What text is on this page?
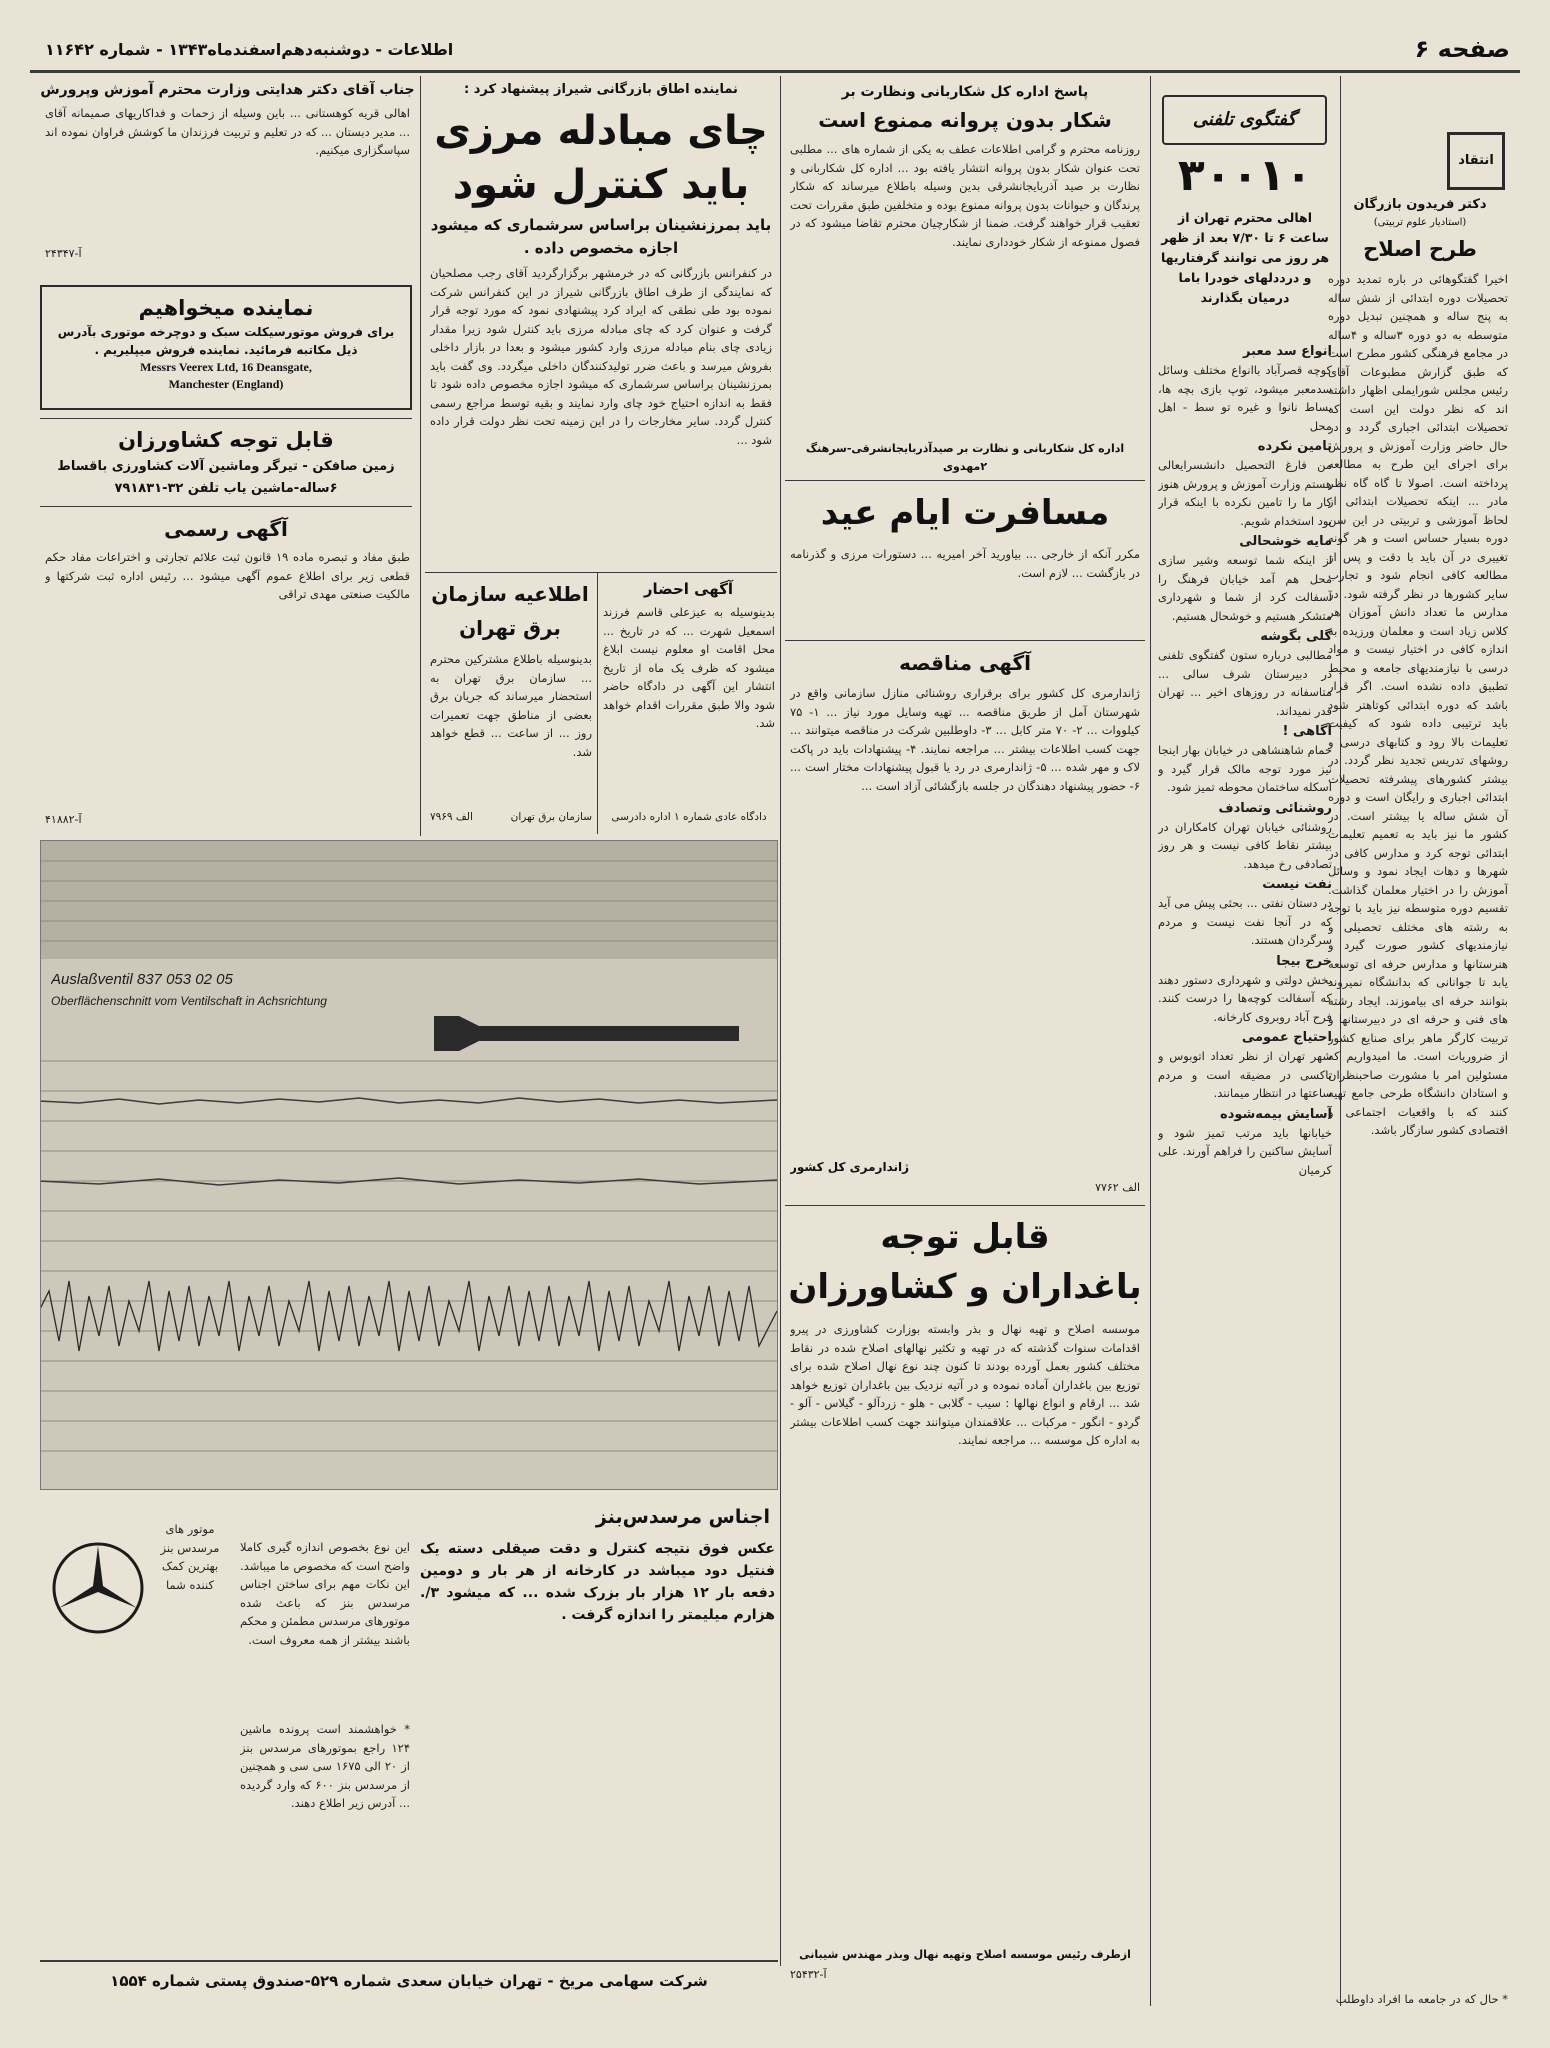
صفحه ۶
اطلاعات - دوشنبه‌دهم‌اسفندماه۱۳۴۳ - شماره ۱۱۶۴۲
انتقاد
دکتر فریدون بازرگان
(استادیار علوم تربیتی)
طرح اصلاح
اخیرا گفتگوهائی در باره تمدید دوره تحصیلات دوره ابتدائی از شش ساله به پنج ساله و همچنین تبدیل دوره متوسطه به دو دوره ۳ساله و ۴ساله در مجامع فرهنگی کشور مطرح است که طبق گزارش مطبوعات آقای رئیس مجلس شورایملی اظهار داشته اند که نظر دولت این است که تحصیلات ابتدائی اجباری گردد و در حال حاضر وزارت آموزش و پرورش برای اجرای این طرح به مطالعه پرداخته است. اصولا تا گاه گاه نظر مادر ... اینکه تحصیلات ابتدائی از لحاظ آموزشی و تربیتی در این سن دوره بسیار حساس است و هر گونه تغییری در آن باید با دقت و پس از مطالعه کافی انجام شود و تجارب سایر کشورها در نظر گرفته شود. در مدارس ما تعداد دانش آموزان هر کلاس زیاد است و معلمان ورزیده به اندازه کافی در اختیار نیست و مواد درسی با نیازمندیهای جامعه و محیط تطبیق داده نشده است. اگر قرار باشد که دوره ابتدائی کوتاهتر شود باید ترتیبی داده شود که کیفیت تعلیمات بالا رود و کتابهای درسی و روشهای تدریس تجدید نظر گردد. در بیشتر کشورهای پیشرفته تحصیلات ابتدائی اجباری و رایگان است و دوره آن شش ساله یا بیشتر است. در کشور ما نیز باید به تعمیم تعلیمات ابتدائی توجه کرد و مدارس کافی در شهرها و دهات ایجاد نمود و وسائل آموزش را در اختیار معلمان گذاشت. تقسیم دوره متوسطه نیز باید با توجه به رشته های مختلف تحصیلی و نیازمندیهای کشور صورت گیرد و هنرستانها و مدارس حرفه ای توسعه یابد تا جوانانی که بدانشگاه نمیروند بتوانند حرفه ای بیاموزند. ایجاد رشته های فنی و حرفه ای در دبیرستانها و تربیت کارگر ماهر برای صنایع کشور از ضروریات است. ما امیدواریم که مسئولین امر با مشورت صاحبنظران و استادان دانشگاه طرحی جامع تهیه کنند که با واقعیات اجتماعی و اقتصادی کشور سازگار باشد.
* حال که در جامعه ما افراد داوطلب
گفتگوی تلفنی
۳۰۰۱۰
اهالی محترم تهران از ساعت ۶ تا ۷/۳۰ بعد از ظهر هر روز می توانند گرفتاریها و درددلهای خودرا باما درمیان بگذارند
انواع سد معبر
کوچه قصرآباد باانواع مختلف وسائل سدمعبر میشود، توپ بازی بچه ها، بساط نانوا و غیره تو سط - اهل محل
تامین نکرده
من فارغ التحصیل دانشسرایعالی هستم وزارت آموزش و پرورش هنوز کار ما را تامین نکرده با اینکه قرار بود استخدام شویم.
مایه خوشحالی
از اینکه شما توسعه وشیر سازی محل هم آمد خیابان فرهنگ را آسفالت کرد از شما و شهرداری متشکر هستیم و خوشحال هستیم.
گلی بگوشه
مطالبی درباره ستون گفتگوی تلفنی در دبیرستان شرف سالی ... متاسفانه در روزهای اخیر ... تهران قدر نمیداند.
آگاهی !
حمام شاهنشاهی در خیابان بهار اینجا نیز مورد توجه مالک قرار گیرد و اسکله ساختمان محوطه تمیز شود.
روشنائی وتصادف
روشنائی خیابان تهران کامکاران در بیشتر نقاط کافی نیست و هر روز تصادفی رخ میدهد.
نفت نیست
در دستان نفتی ... بحثی پیش می آید که در آنجا نفت نیست و مردم سرگردان هستند.
خرج بیجا
بخش دولتی و شهرداری دستور دهند که آسفالت کوچه‌ها را درست کنند. فرح آباد روبروی کارخانه.
احتیاج عمومی
شهر تهران از نظر تعداد اتوبوس و تاکسی در مضیقه است و مردم ساعتها در انتظار میمانند.
آسایش بیمه‌شوده
خیابانها باید مرتب تمیز شود و آسایش ساکنین را فراهم آورند. علی کرمیان
پاسخ اداره کل شکاربانی ونظارت بر
شکار بدون پروانه ممنوع است
روزنامه محترم و گرامی اطلاعات عطف به یکی از شماره های ... مطلبی تحت عنوان شکار بدون پروانه انتشار یافته بود ... اداره کل شکاربانی و نظارت بر صید آذربایجانشرقی بدین وسیله باطلاع میرساند که شکار پرندگان و حیوانات بدون پروانه ممنوع بوده و متخلفین طبق مقررات تحت تعقیب قرار خواهند گرفت. ضمنا از شکارچیان محترم تقاضا میشود که در فصول ممنوعه از شکار خودداری نمایند.
اداره کل شکاربانی و نظارت بر صیدآذربایجانشرقی-سرهنگ ۲مهدوی
مسافرت ایام عید
مکرر آنکه از خارجی ... بیاورید آخر امیریه ... دستورات مرزی و گذرنامه در بازگشت ... لازم است.
آگهی مناقصه
ژاندارمری کل کشور برای برقراری روشنائی منازل سازمانی واقع در شهرستان آمل از طریق مناقصه ... تهیه وسایل مورد نیاز ... ۱- ۷۵ کیلووات ... ۲- ۷۰ متر کابل ... ۳- داوطلبین شرکت در مناقصه میتوانند ... جهت کسب اطلاعات بیشتر ... مراجعه نمایند. ۴- پیشنهادات باید در پاکت لاک و مهر شده ... ۵- ژاندارمری در رد یا قبول پیشنهادات مختار است ... ۶- حضور پیشنهاد دهندگان در جلسه بازگشائی آزاد است ...
ژاندارمری کل کشور
الف ۷۷۶۲
قابل توجه
باغداران و کشاورزان
موسسه اصلاح و تهیه نهال و بذر وابسته بوزارت کشاورزی در پیرو اقدامات سنوات گذشته که در تهیه و تکثیر نهالهای اصلاح شده در نقاط مختلف کشور بعمل آورده بودند تا کنون چند نوع نهال اصلاح شده برای توزیع بین باغداران آماده نموده و در آتیه نزدیک بین باغداران توزیع خواهد شد ... ارقام و انواع نهالها : سیب - گلابی - هلو - زردآلو - گیلاس - آلو - گردو - انگور - مرکبات ... علاقمندان میتوانند جهت کسب اطلاعات بیشتر به اداره کل موسسه ... مراجعه نمایند.
ازطرف رئیس موسسه اصلاح وتهیه نهال وبذر مهندس شیبانی
آ-۲۵۴۳۲
نماینده اطاق بازرگانی شیراز پیشنهاد کرد :
چای مبادله مرزی باید کنترل شود
باید بمرزنشینان براساس سرشماری که میشود اجازه مخصوص داده .
در کنفرانس بازرگانی که در خرمشهر برگزارگردید آقای رجب مصلحیان که نمایندگی از طرف اطاق بازرگانی شیراز در این کنفرانس شرکت نموده بود طی نطقی که ایراد کرد پیشنهادی نمود که مورد توجه قرار گرفت و عنوان کرد که چای مبادله مرزی باید کنترل شود زیرا مقدار زیادی چای بنام مبادله مرزی وارد کشور میشود و بعدا در بازار داخلی بفروش میرسد و باعث ضرر تولیدکنندگان داخلی میگردد. وی گفت باید بمرزنشینان براساس سرشماری که میشود اجازه مخصوص داده شود تا فقط به اندازه احتیاج خود چای وارد نمایند و بقیه توسط مراجع رسمی کنترل گردد. سایر مخارجات را در این زمینه تحت نظر دولت قرار داده شود ...
آگهی احضار
بدینوسیله به عیزعلی قاسم فرزند اسمعیل شهرت ... که در تاریخ ... محل اقامت او معلوم نیست ابلاغ میشود که ظرف یک ماه از تاریخ انتشار این آگهی در دادگاه حاضر شود والا طبق مقررات اقدام خواهد شد.
دادگاه عادی شماره ۱ اداره دادرسی
اطلاعیه سازمان برق تهران
بدینوسیله باطلاع مشترکین محترم ... سازمان برق تهران به استحضار میرساند که جریان برق بعضی از مناطق جهت تعمیرات روز ... از ساعت ... قطع خواهد شد.
سازمان برق تهران
الف ۷۹۶۹
جناب آقای دکتر هدایتی وزارت محترم آموزش وپرورش
اهالی قریه کوهستانی ... باین وسیله از زحمات و فداکاریهای صمیمانه آقای ... مدیر دبستان ... که در تعلیم و تربیت فرزندان ما کوشش فراوان نموده اند سپاسگزاری میکنیم.
آ-۲۴۳۴۷
نماینده میخواهیم
برای فروش موتورسیکلت سبک و دوچرخه موتوری بآدرس ذیل مکاتبه فرمائید. نماینده فروش میپلیریم .
Messrs Veerex Ltd, 16 Deansgate,
Manchester (England)
قابل توجه کشاورزان
زمین صافکن - تیرگر وماشین آلات کشاورزی باقساط ۶ساله-ماشین یاب تلفن ۳۲-۷۹۱۸۳۱
آگهی رسمی
طبق مفاد و تبصره ماده ۱۹ قانون ثبت علائم تجارتی و اختراعات مفاد حکم قطعی زیر برای اطلاع عموم آگهی میشود ... رئیس اداره ثبت شرکتها و مالکیت صنعتی مهدی تراقی
آ-۴۱۸۸۲
Auslaßventil 837 053 02 05
Oberflächenschnitt vom Ventilschaft in Achsrichtung
اجناس مرسدس‌بنز
عکس فوق نتیجه کنترل و دقت صیقلی دسته یک فنتیل دود میباشد در کارخانه از هر بار و دومین دفعه بار ۱۲ هزار بار بزرک شده ... که میشود ۳/. هزارم میلیمتر را اندازه گرفت .
این نوع بخصوص اندازه گیری کاملا واضح است که مخصوص ما میباشد. این نکات مهم برای ساختن اجناس مرسدس بنز که باعث شده موتورهای مرسدس مطمئن و محکم باشند بیشتر از همه معروف است.
موتور های مرسدس بنز بهترین کمک کننده شما
* خواهشمند است پرونده ماشین ۱۲۴ راجع بموتورهای مرسدس بنز از ۲۰ الی ۱۶۷۵ سی سی و همچنین از مرسدس بنز ۶۰۰ که وارد گردیده ... آدرس زیر اطلاع دهند.
شرکت سهامی مریخ - تهران خیابان سعدی شماره ۵۲۹-صندوق پستی شماره ۱۵۵۴
